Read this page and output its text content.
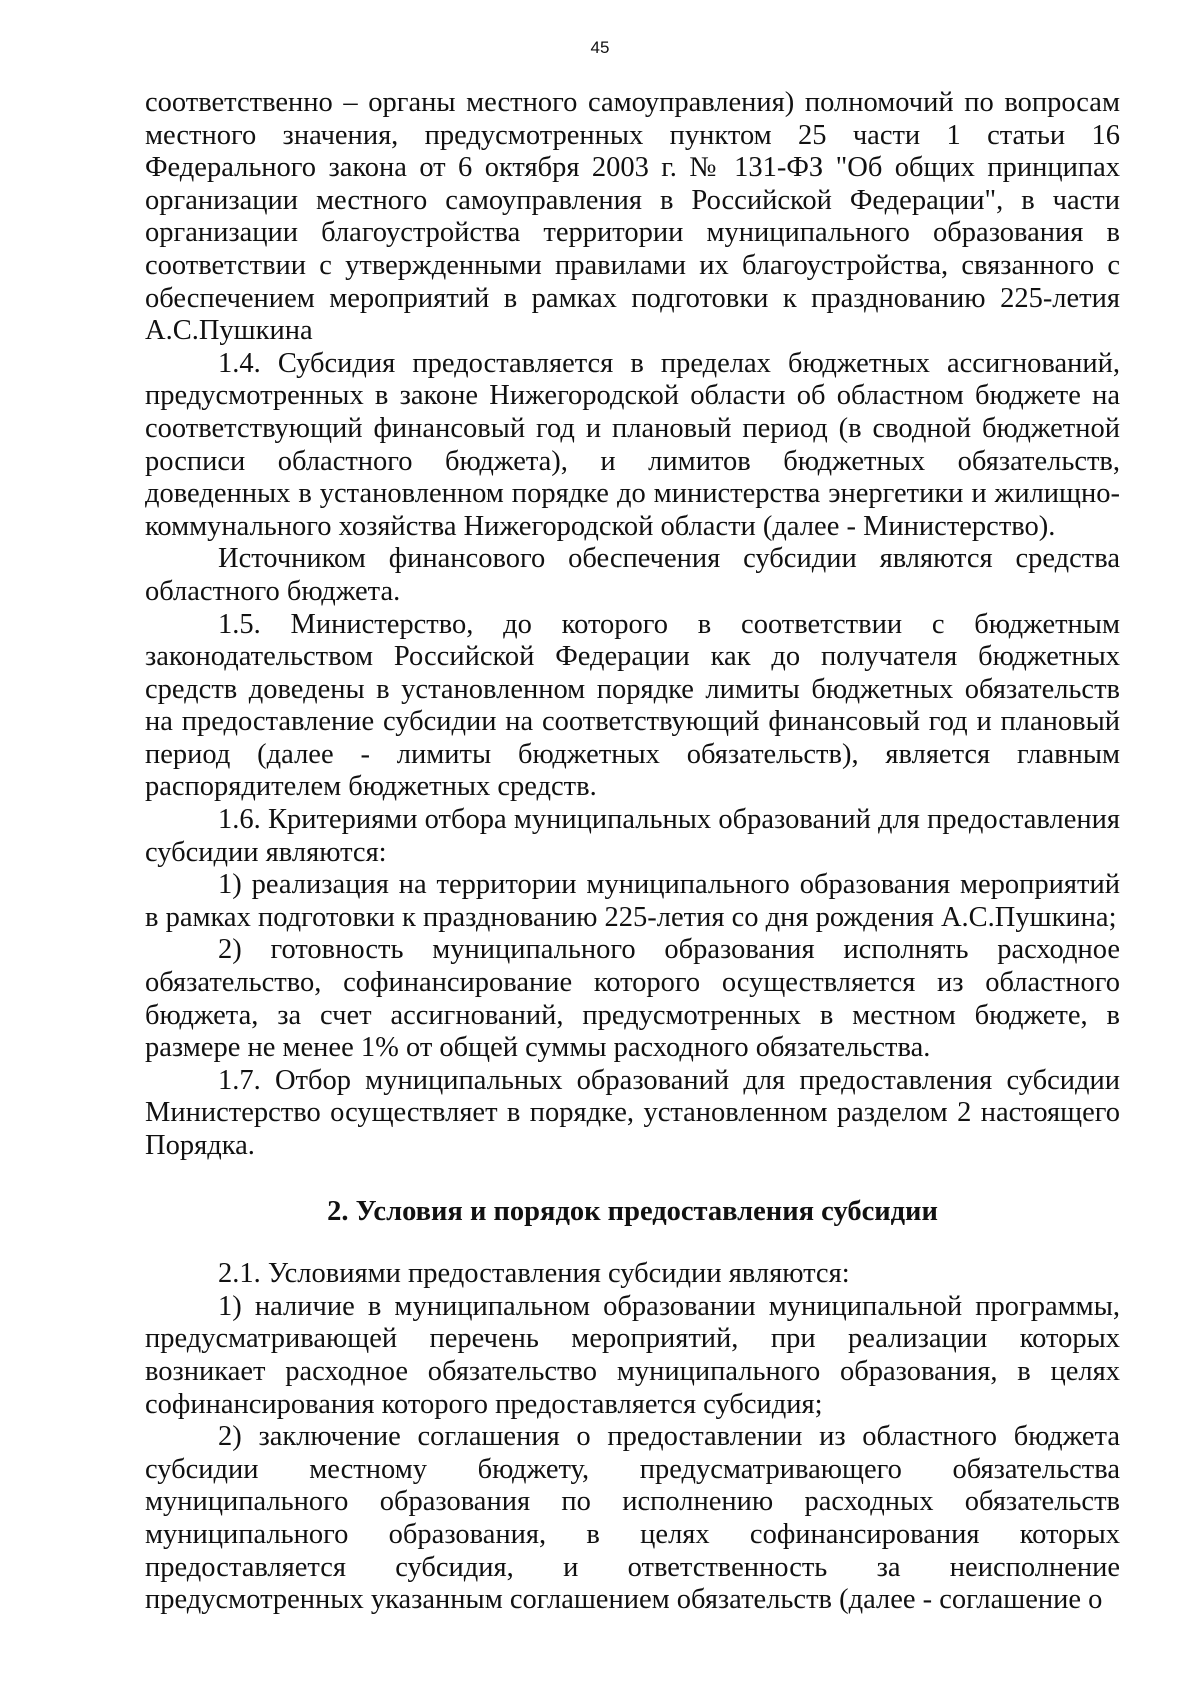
45

соответственно – органы местного самоуправления) полномочий по вопросам местного значения, предусмотренных пунктом 25 части 1 статьи 16 Федерального закона от 6 октября 2003 г. № 131-ФЗ "Об общих принципах организации местного самоуправления в Российской Федерации", в части организации благоустройства территории муниципального образования в соответствии с утвержденными правилами их благоустройства, связанного с обеспечением мероприятий в рамках подготовки к празднованию 225-летия А.С.Пушкина

1.4. Субсидия предоставляется в пределах бюджетных ассигнований, предусмотренных в законе Нижегородской области об областном бюджете на соответствующий финансовый год и плановый период (в сводной бюджетной росписи областного бюджета), и лимитов бюджетных обязательств, доведенных в установленном порядке до министерства энергетики и жилищно-коммунального хозяйства Нижегородской области (далее - Министерство).

Источником финансового обеспечения субсидии являются средства областного бюджета.

1.5. Министерство, до которого в соответствии с бюджетным законодательством Российской Федерации как до получателя бюджетных средств доведены в установленном порядке лимиты бюджетных обязательств на предоставление субсидии на соответствующий финансовый год и плановый период (далее - лимиты бюджетных обязательств), является главным распорядителем бюджетных средств.

1.6. Критериями отбора муниципальных образований для предоставления субсидии являются:

1) реализация на территории муниципального образования мероприятий в рамках подготовки к празднованию 225-летия со дня рождения А.С.Пушкина;

2) готовность муниципального образования исполнять расходное обязательство, софинансирование которого осуществляется из областного бюджета, за счет ассигнований, предусмотренных в местном бюджете, в размере не менее 1% от общей суммы расходного обязательства.

1.7. Отбор муниципальных образований для предоставления субсидии Министерство осуществляет в порядке, установленном разделом 2 настоящего Порядка.

2. Условия и порядок предоставления субсидии

2.1. Условиями предоставления субсидии являются:

1) наличие в муниципальном образовании муниципальной программы, предусматривающей перечень мероприятий, при реализации которых возникает расходное обязательство муниципального образования, в целях софинансирования которого предоставляется субсидия;

2) заключение соглашения о предоставлении из областного бюджета субсидии местному бюджету, предусматривающего обязательства муниципального образования по исполнению расходных обязательств муниципального образования, в целях софинансирования которых предоставляется субсидия, и ответственность за неисполнение предусмотренных указанным соглашением обязательств (далее - соглашение о
